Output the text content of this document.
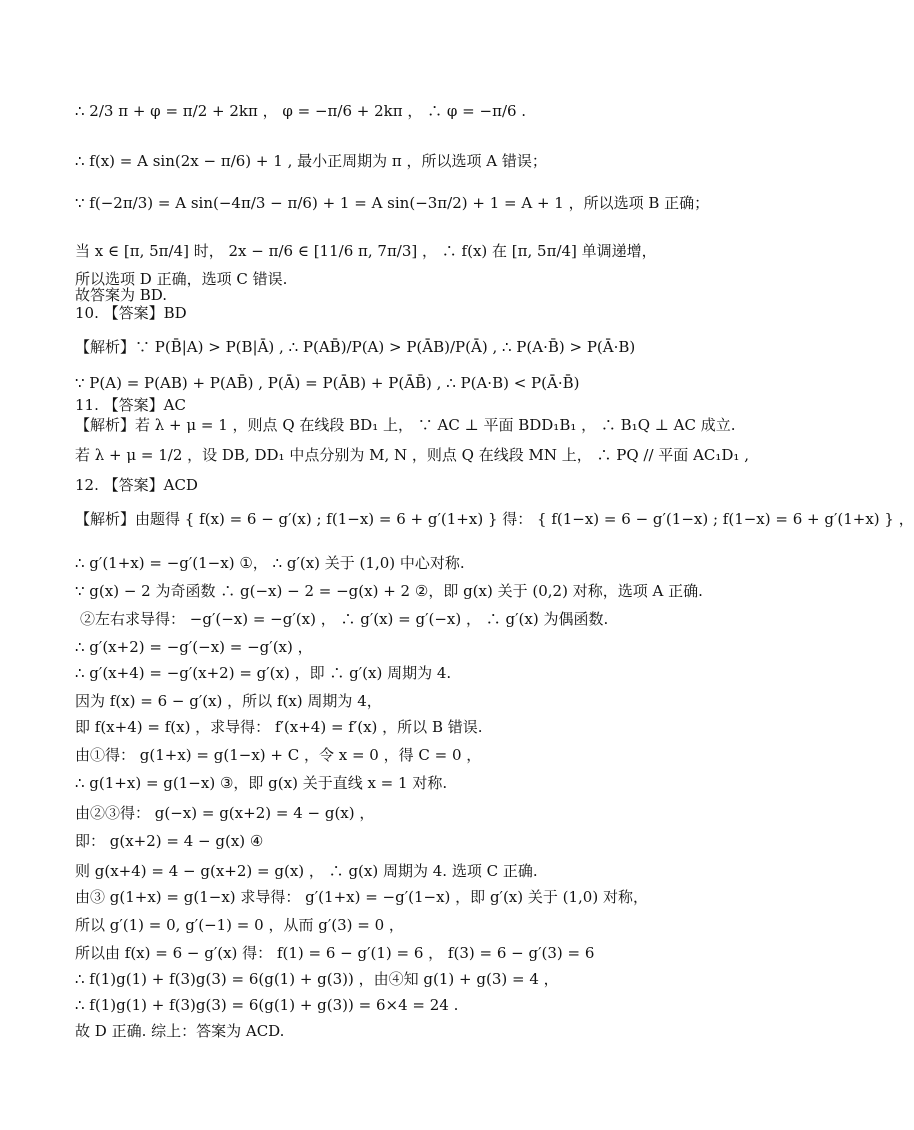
∴ 2/3 π + φ = π/2 + 2kπ ， φ = −π/6 + 2kπ ， ∴ φ = −π/6 .
∴ f(x) = A sin(2x − π/6) + 1 , 最小正周期为 π ，所以选项 A 错误；
∵ f(−2π/3) = A sin(−4π/3 − π/6) + 1 = A sin(−3π/2) + 1 = A + 1 ，所以选项 B 正确；
当 x ∈ [π, 5π/4] 时， 2x − π/6 ∈ [11/6 π, 7π/3] ， ∴ f(x) 在 [π, 5π/4] 单调递增，
所以选项 D 正确，选项 C 错误.
故答案为 BD.
10. 【答案】BD
【解析】∵ P(B̄|A) > P(B|Ā) , ∴ P(AB̄)/P(A) > P(ĀB)/P(Ā) , ∴ P(A·B̄) > P(Ā·B)
∵ P(A) = P(AB) + P(AB̄) , P(Ā) = P(ĀB) + P(ĀB̄) , ∴ P(A·B) < P(Ā·B̄)
11. 【答案】AC
【解析】若 λ + μ = 1 ，则点 Q 在线段 BD₁ 上， ∵ AC ⊥ 平面 BDD₁B₁ ， ∴ B₁Q ⊥ AC 成立.
若 λ + μ = 1/2 ，设 DB, DD₁ 中点分别为 M, N ，则点 Q 在线段 MN 上， ∴ PQ // 平面 AC₁D₁ ,
12. 【答案】ACD
【解析】由题得 { f(x) = 6 − g′(x) ; f(1−x) = 6 + g′(1+x) } 得： { f(1−x) = 6 − g′(1−x) ; f(1−x) = 6 + g′(1+x) } ，
∴ g′(1+x) = −g′(1−x) ①， ∴ g′(x) 关于 (1,0) 中心对称.
∵ g(x) − 2 为奇函数 ∴ g(−x) − 2 = −g(x) + 2 ②，即 g(x) 关于 (0,2) 对称，选项 A 正确.
②左右求导得： −g′(−x) = −g′(x) ， ∴ g′(x) = g′(−x) ， ∴ g′(x) 为偶函数.
∴ g′(x+2) = −g′(−x) = −g′(x) ，
∴ g′(x+4) = −g′(x+2) = g′(x) ，即 ∴ g′(x) 周期为 4.
因为 f(x) = 6 − g′(x) ，所以 f(x) 周期为 4，
即 f(x+4) = f(x) ，求导得： f′(x+4) = f′(x) ，所以 B 错误.
由①得： g(1+x) = g(1−x) + C ，令 x = 0 ，得 C = 0 ，
∴ g(1+x) = g(1−x) ③，即 g(x) 关于直线 x = 1 对称.
由②③得： g(−x) = g(x+2) = 4 − g(x) ，
即： g(x+2) = 4 − g(x) ④
则 g(x+4) = 4 − g(x+2) = g(x) ， ∴ g(x) 周期为 4. 选项 C 正确.
由③ g(1+x) = g(1−x) 求导得： g′(1+x) = −g′(1−x) ，即 g′(x) 关于 (1,0) 对称，
所以 g′(1) = 0, g′(−1) = 0 ，从而 g′(3) = 0 ，
所以由 f(x) = 6 − g′(x) 得： f(1) = 6 − g′(1) = 6 ， f(3) = 6 − g′(3) = 6
∴ f(1)g(1) + f(3)g(3) = 6(g(1) + g(3)) ，由④知 g(1) + g(3) = 4 ，
∴ f(1)g(1) + f(3)g(3) = 6(g(1) + g(3)) = 6×4 = 24 .
故 D 正确. 综上：答案为 ACD.
